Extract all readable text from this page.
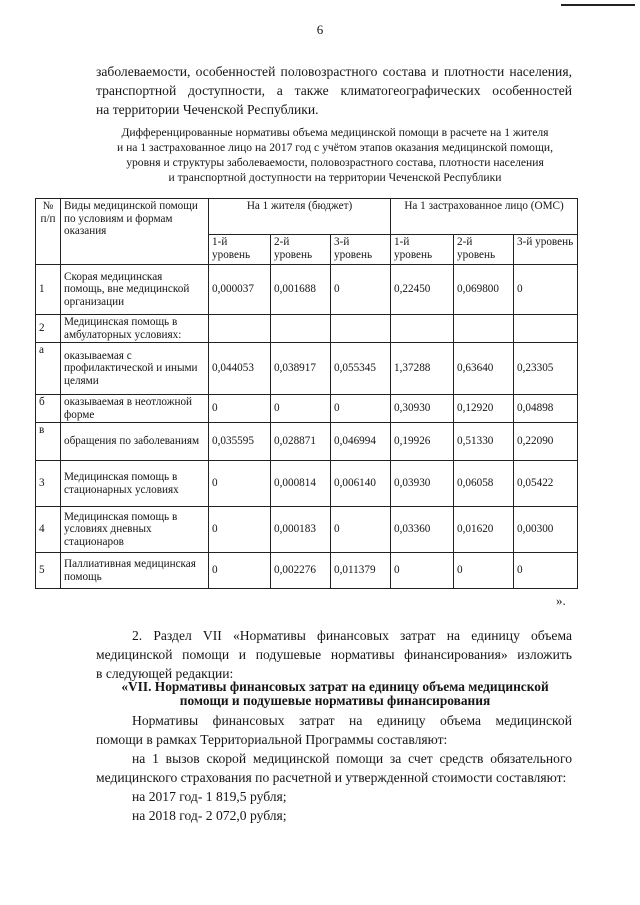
6

заболеваемости, особенностей половозрастного состава и плотности населения,
транспортной доступности, а также климатогеографических особенностей
на территории Чеченской Республики.

Дифференцированные нормативы объема медицинской помощи в расчете на 1 жителя
и на 1 застрахованное лицо на 2017 год с учётом этапов оказания медицинской помощи,
уровня и структуры заболеваемости, половозрастного состава, плотности населения
и транспортной доступности на территории Чеченской Республики

№ п/п	Виды медицинской помощи по условиям и формам оказания	На 1 жителя (бюджет)			На 1 застрахованное лицо (ОМС)		
		1-й уровень	2-й уровень	3-й уровень	1-й уровень	2-й уровень	3-й уровень
1	Скорая медицинская помощь, вне медицинской организации	0,000037	0,001688	0	0,22450	0,069800	0
2	Медицинская помощь в амбулаторных условиях:						
а	оказываемая с профилактической и иными целями	0,044053	0,038917	0,055345	1,37288	0,63640	0,23305
б	оказываемая в неотложной форме	0	0	0	0,30930	0,12920	0,04898
в	обращения по заболеваниям	0,035595	0,028871	0,046994	0,19926	0,51330	0,22090
3	Медицинская помощь в стационарных условиях	0	0,000814	0,006140	0,03930	0,06058	0,05422
4	Медицинская помощь в условиях дневных стационаров	0	0,000183	0	0,03360	0,01620	0,00300
5	Паллиативная медицинская помощь	0	0,002276	0,011379	0	0	0
».

2. Раздел VII «Нормативы финансовых затрат на единицу объема
медицинской помощи и подушевые нормативы финансирования» изложить
в следующей редакции:

«VII. Нормативы финансовых затрат на единицу объема медицинской
помощи и подушевые нормативы финансирования

Нормативы финансовых затрат на единицу объема медицинской
помощи в рамках Территориальной Программы составляют:
на 1 вызов скорой медицинской помощи за счет средств обязательного
медицинского страхования по расчетной и утвержденной стоимости составляют:
на 2017 год- 1 819,5 рубля;
на 2018 год- 2 072,0 рубля;
